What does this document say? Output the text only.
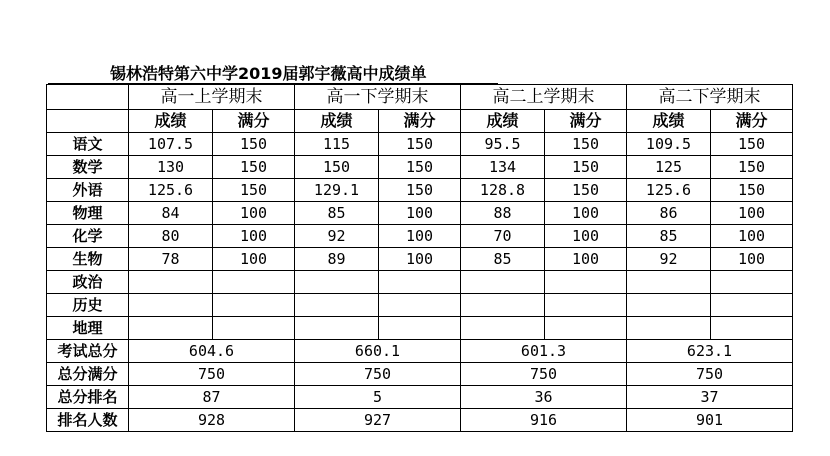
锡林浩特第六中学2019届郭宇薇高中成绩单
	高一上学期末		高一下学期末		高二上学期末		高二下学期末	
	成绩	满分	成绩	满分	成绩	满分	成绩	满分
语文	107.5	150	115	150	95.5	150	109.5	150
数学	130	150	150	150	134	150	125	150
外语	125.6	150	129.1	150	128.8	150	125.6	150
物理	84	100	85	100	88	100	86	100
化学	80	100	92	100	70	100	85	100
生物	78	100	89	100	85	100	92	100
政治								
历史								
地理								
考试总分	604.6		660.1		601.3		623.1	
总分满分	750		750		750		750	
总分排名	87		5		36		37	
排名人数	928		927		916		901	
